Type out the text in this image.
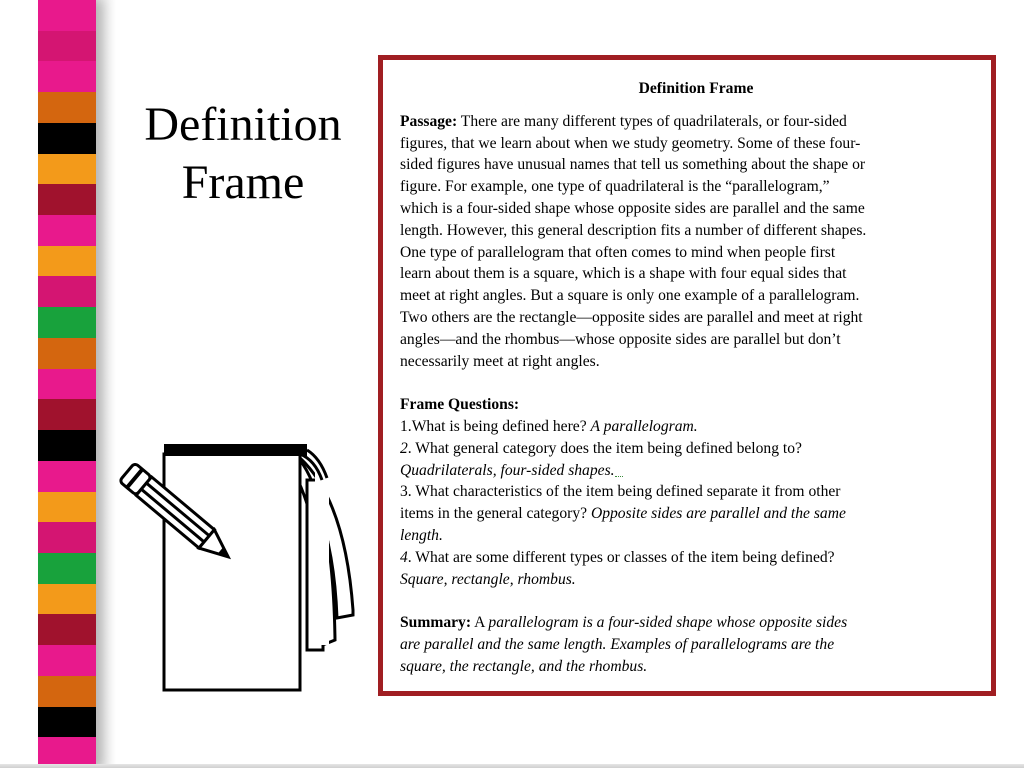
Definition
Frame
Definition Frame
Passage: There are many different types of quadrilaterals, or four-sided
figures, that we learn about when we study geometry. Some of these four-
sided figures have unusual names that tell us something about the shape or
figure. For example, one type of quadrilateral is the “parallelogram,”
which is a four-sided shape whose opposite sides are parallel and the same
length. However, this general description fits a number of different shapes.
One type of parallelogram that often comes to mind when people first
learn about them is a square, which is a shape with four equal sides that
meet at right angles. But a square is only one example of a parallelogram.
Two others are the rectangle—opposite sides are parallel and meet at right
angles—and the rhombus—whose opposite sides are parallel but don’t
necessarily meet at right angles.
Frame Questions:
1.What is being defined here? A parallelogram.
2. What general category does the item being defined belong to?
Quadrilaterals, four-sided shapes.
3. What characteristics of the item being defined separate it from other
items in the general category? Opposite sides are parallel and the same
length.
4. What are some different types or classes of the item being defined?
Square, rectangle, rhombus.
Summary: A parallelogram is a four-sided shape whose opposite sides
are parallel and the same length. Examples of parallelograms are the
square, the rectangle, and the rhombus.
